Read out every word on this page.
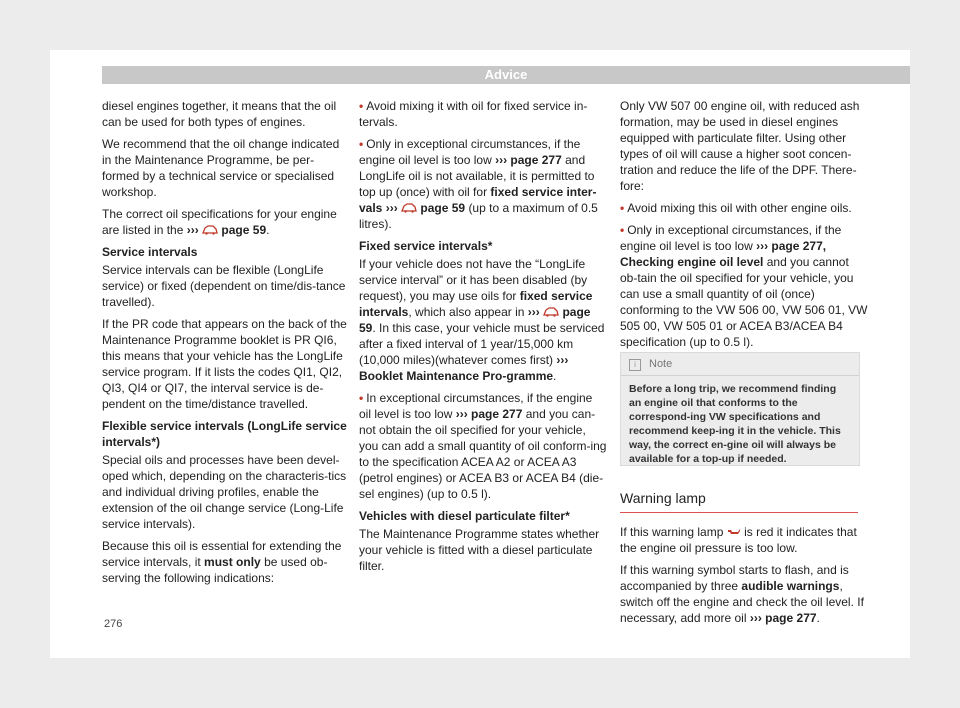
Advice

diesel engines together, it means that the oil can be used for both types of engines.

We recommend that the oil change indicated in the Maintenance Programme, be per-formed by a technical service or specialised workshop.

The correct oil specifications for your engine are listed in the ››› page 59.

Service intervals

Service intervals can be flexible (LongLife service) or fixed (dependent on time/dis-tance travelled).

If the PR code that appears on the back of the Maintenance Programme booklet is PR QI6, this means that your vehicle has the LongLife service program. If it lists the codes QI1, QI2, QI3, QI4 or QI7, the interval service is de-pendent on the time/distance travelled.

Flexible service intervals (LongLife service intervals*)

Special oils and processes have been devel-oped which, depending on the characteris-tics and individual driving profiles, enable the extension of the oil change service (Long-Life service intervals).

Because this oil is essential for extending the service intervals, it must only be used ob-serving the following indications:

• Avoid mixing it with oil for fixed service in-tervals.

• Only in exceptional circumstances, if the engine oil level is too low ››› page 277 and LongLife oil is not available, it is permitted to top up (once) with oil for fixed service inter-vals ››› page 59 (up to a maximum of 0.5 litres).

Fixed service intervals*

If your vehicle does not have the “LongLife service interval” or it has been disabled (by request), you may use oils for fixed service intervals, which also appear in ››› page 59. In this case, your vehicle must be serviced after a fixed interval of 1 year/15,000 km (10,000 miles)(whatever comes first) ››› Booklet Maintenance Pro-gramme.

• In exceptional circumstances, if the engine oil level is too low ››› page 277 and you can-not obtain the oil specified for your vehicle, you can add a small quantity of oil conform-ing to the specification ACEA A2 or ACEA A3 (petrol engines) or ACEA B3 or ACEA B4 (die-sel engines) (up to 0.5 l).

Vehicles with diesel particulate filter*

The Maintenance Programme states whether your vehicle is fitted with a diesel particulate filter.

Only VW 507 00 engine oil, with reduced ash formation, may be used in diesel engines equipped with particulate filter. Using other types of oil will cause a higher soot concen-tration and reduce the life of the DPF. There-fore:

• Avoid mixing this oil with other engine oils.

• Only in exceptional circumstances, if the engine oil level is too low ››› page 277, Checking engine oil level and you cannot ob-tain the oil specified for your vehicle, you can use a small quantity of oil (once) conforming to the VW 506 00, VW 506 01, VW 505 00, VW 505 01 or ACEA B3/ACEA B4 specification (up to 0.5 l).

i Note
Before a long trip, we recommend finding an engine oil that conforms to the correspond-ing VW specifications and recommend keep-ing it in the vehicle. This way, the correct en-gine oil will always be available for a top-up if needed.
Warning lamp

If this warning lamp is red it indicates that the engine oil pressure is too low.

If this warning symbol starts to flash, and is accompanied by three audible warnings, switch off the engine and check the oil level. If necessary, add more oil ››› page 277.

276
